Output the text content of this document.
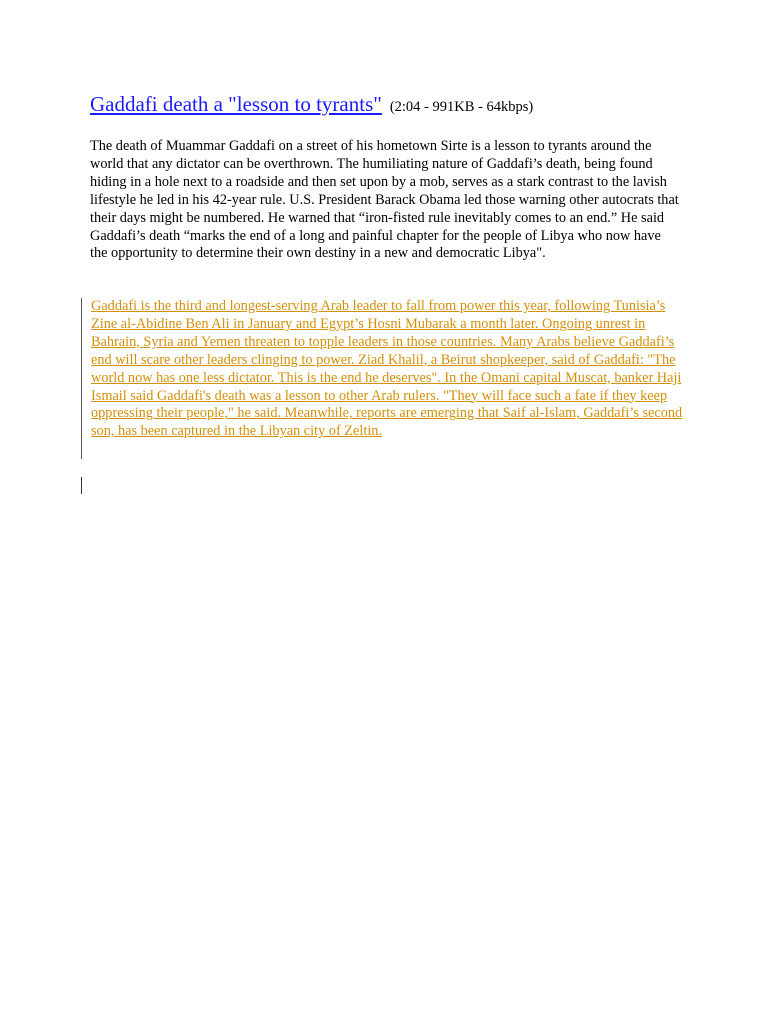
Gaddafi death a "lesson to tyrants" (2:04 - 991KB - 64kbps)

The death of Muammar Gaddafi on a street of his hometown Sirte is a lesson to tyrants around the world that any dictator can be overthrown. The humiliating nature of Gaddafi’s death, being found hiding in a hole next to a roadside and then set upon by a mob, serves as a stark contrast to the lavish lifestyle he led in his 42-year rule. U.S. President Barack Obama led those warning other autocrats that their days might be numbered. He warned that “iron-fisted rule inevitably comes to an end.” He said Gaddafi’s death “marks the end of a long and painful chapter for the people of Libya who now have the opportunity to determine their own destiny in a new and democratic Libya".

Gaddafi is the third and longest-serving Arab leader to fall from power this year, following Tunisia’s Zine al-Abidine Ben Ali in January and Egypt’s Hosni Mubarak a month later. Ongoing unrest in Bahrain, Syria and Yemen threaten to topple leaders in those countries. Many Arabs believe Gaddafi’s end will scare other leaders clinging to power. Ziad Khalil, a Beirut shopkeeper, said of Gaddafi: "The world now has one less dictator. This is the end he deserves". In the Omani capital Muscat, banker Haji Ismail said Gaddafi's death was a lesson to other Arab rulers. "They will face such a fate if they keep oppressing their people," he said. Meanwhile, reports are emerging that Saif al-Islam, Gaddafi’s second son, has been captured in the Libyan city of Zeltin.
